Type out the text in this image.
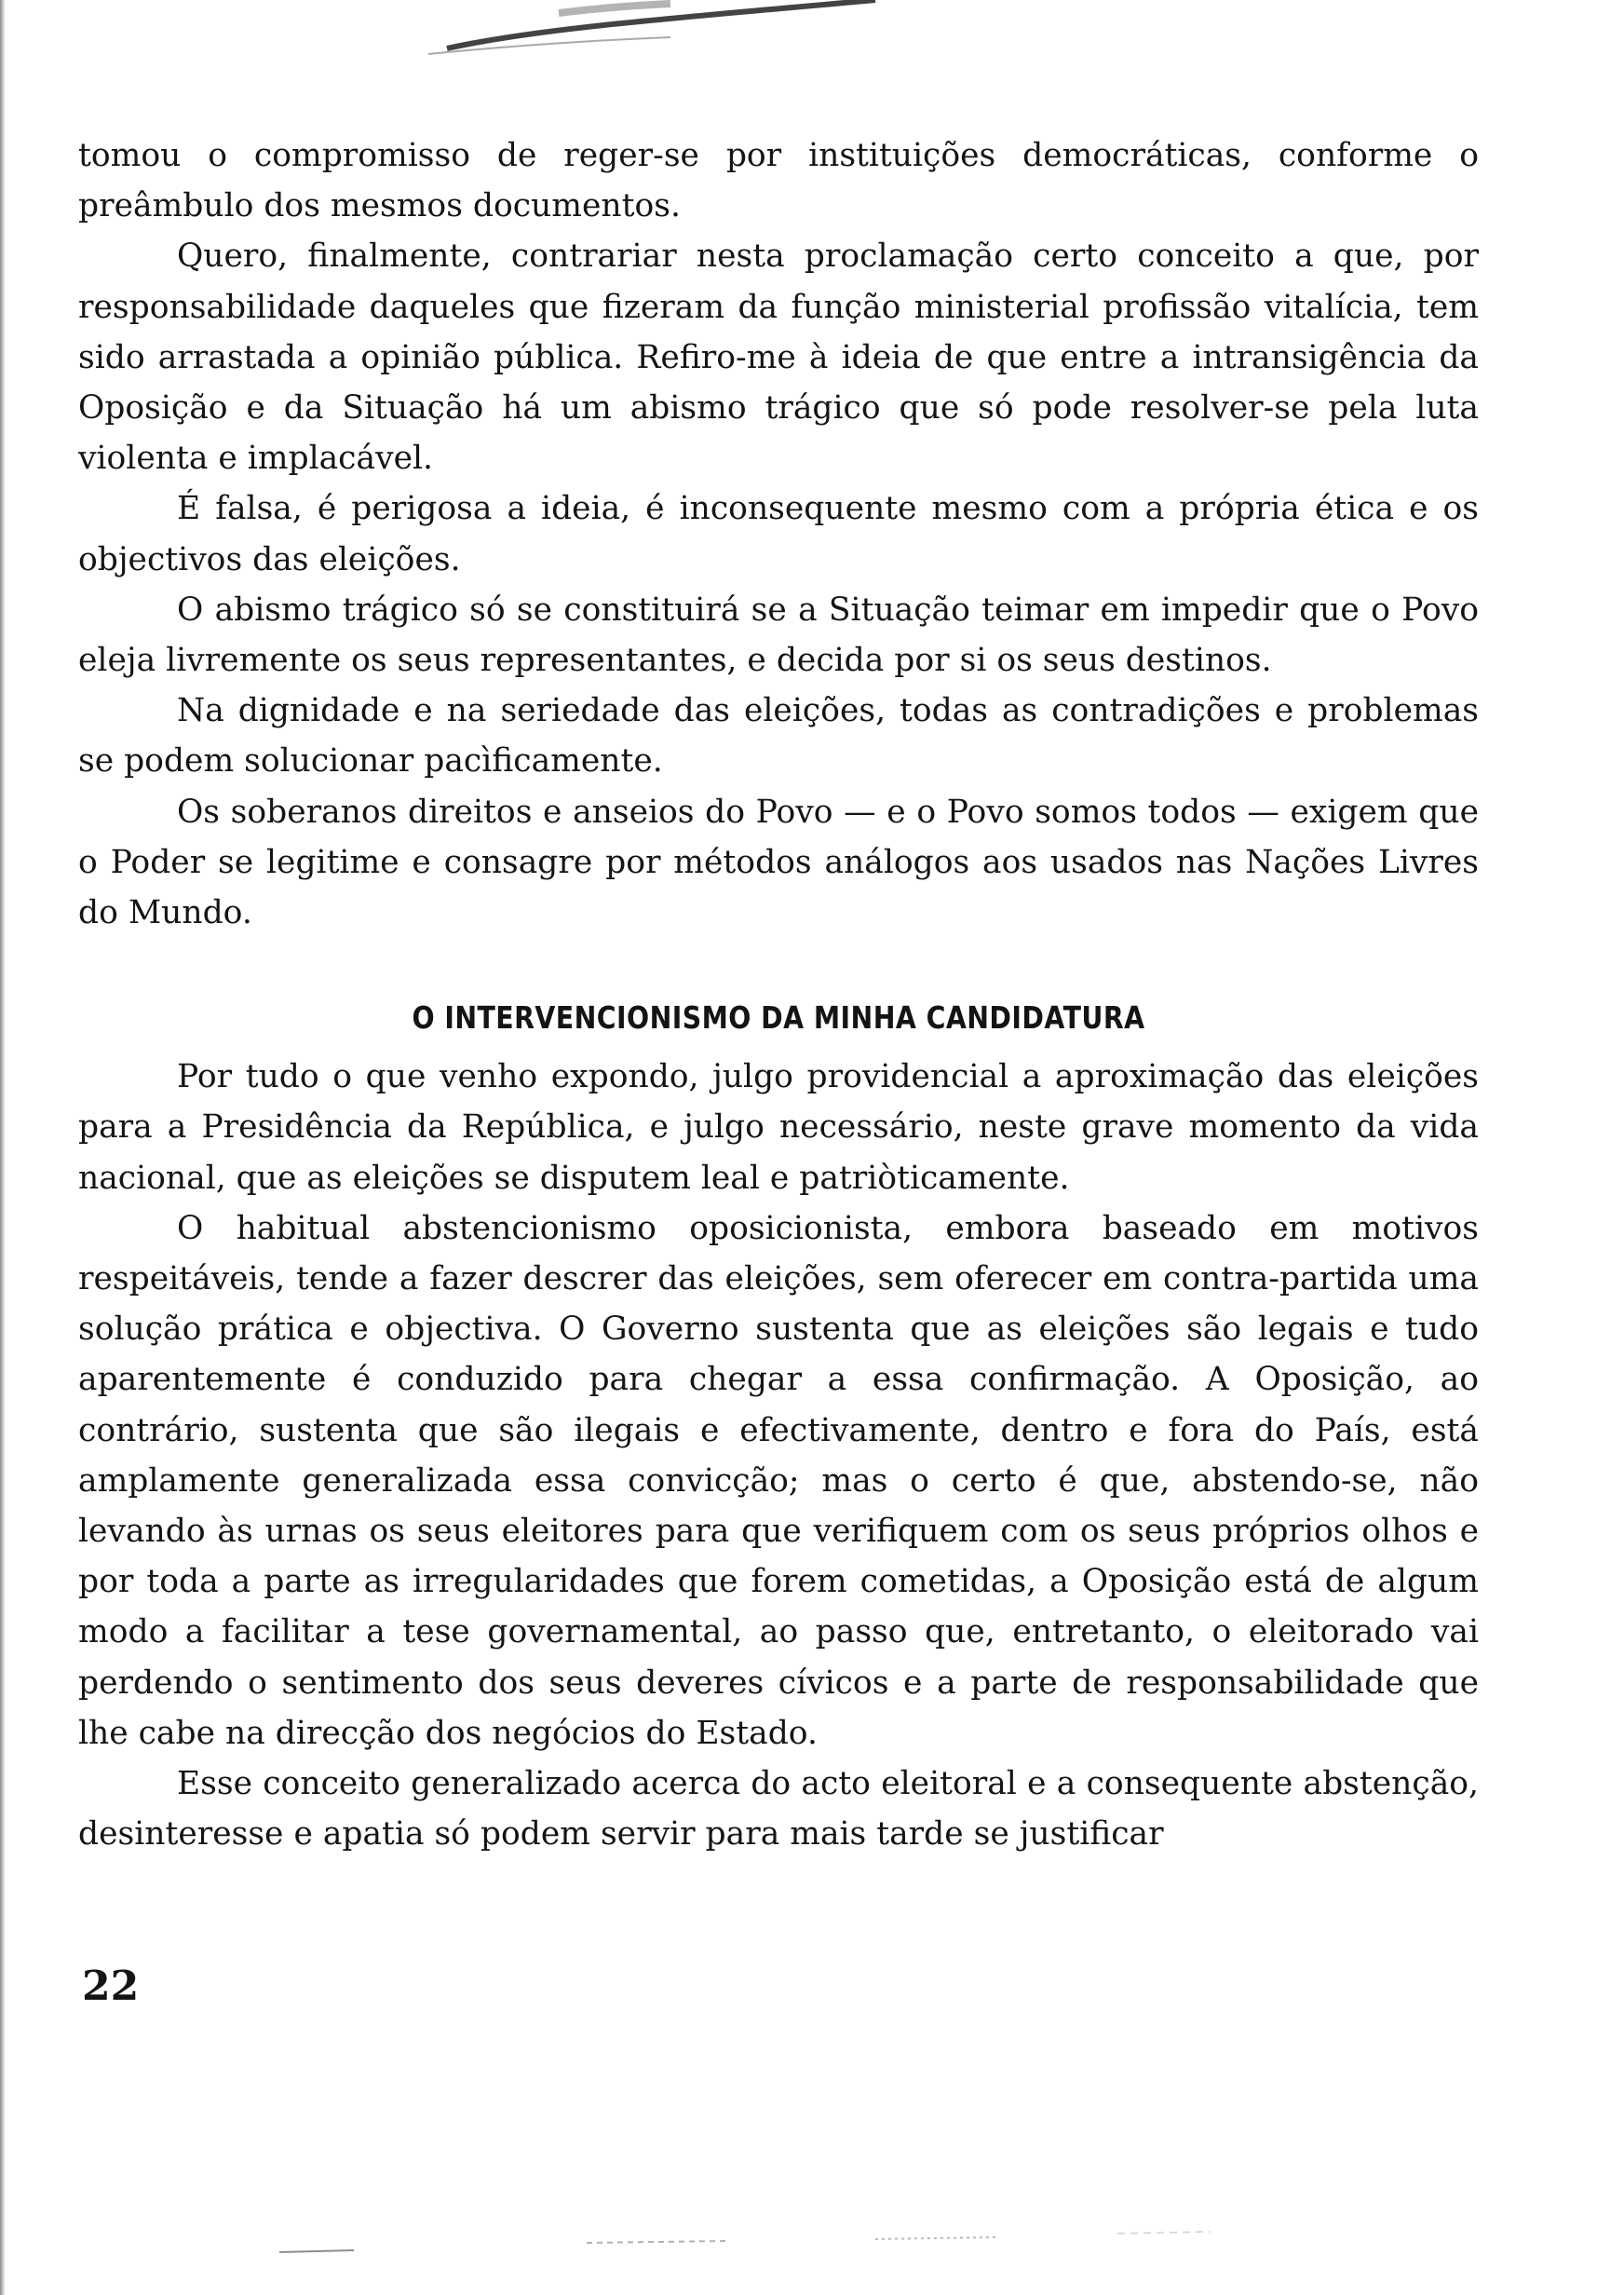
tomou o compromisso de reger-se por instituições democráticas, conforme o preâmbulo dos mesmos documentos.

Quero, finalmente, contrariar nesta proclamação certo conceito a que, por responsabilidade daqueles que fizeram da função ministerial profissão vitalícia, tem sido arrastada a opinião pública. Refiro-me à ideia de que entre a intransigência da Oposição e da Situação há um abismo trágico que só pode resolver-se pela luta violenta e implacável.

É falsa, é perigosa a ideia, é inconsequente mesmo com a própria ética e os objectivos das eleições.

O abismo trágico só se constituirá se a Situação teimar em impedir que o Povo eleja livremente os seus representantes, e decida por si os seus destinos.

Na dignidade e na seriedade das eleições, todas as contradições e problemas se podem solucionar pacìficamente.

Os soberanos direitos e anseios do Povo — e o Povo somos todos — exigem que o Poder se legitime e consagre por métodos análogos aos usados nas Nações Livres do Mundo.

O INTERVENCIONISMO DA MINHA CANDIDATURA

Por tudo o que venho expondo, julgo providencial a aproximação das eleições para a Presidência da República, e julgo necessário, neste grave momento da vida nacional, que as eleições se disputem leal e patriòticamente.

O habitual abstencionismo oposicionista, embora baseado em motivos respeitáveis, tende a fazer descrer das eleições, sem oferecer em contra-partida uma solução prática e objectiva. O Governo sustenta que as eleições são legais e tudo aparentemente é conduzido para chegar a essa confirmação. A Oposição, ao contrário, sustenta que são ilegais e efectivamente, dentro e fora do País, está amplamente generalizada essa convicção; mas o certo é que, abstendo-se, não levando às urnas os seus eleitores para que verifiquem com os seus próprios olhos e por toda a parte as irregularidades que forem cometidas, a Oposição está de algum modo a facilitar a tese governamental, ao passo que, entretanto, o eleitorado vai perdendo o sentimento dos seus deveres cívicos e a parte de responsabilidade que lhe cabe na direcção dos negócios do Estado.

Esse conceito generalizado acerca do acto eleitoral e a consequente abstenção, desinteresse e apatia só podem servir para mais tarde se justificar

22
